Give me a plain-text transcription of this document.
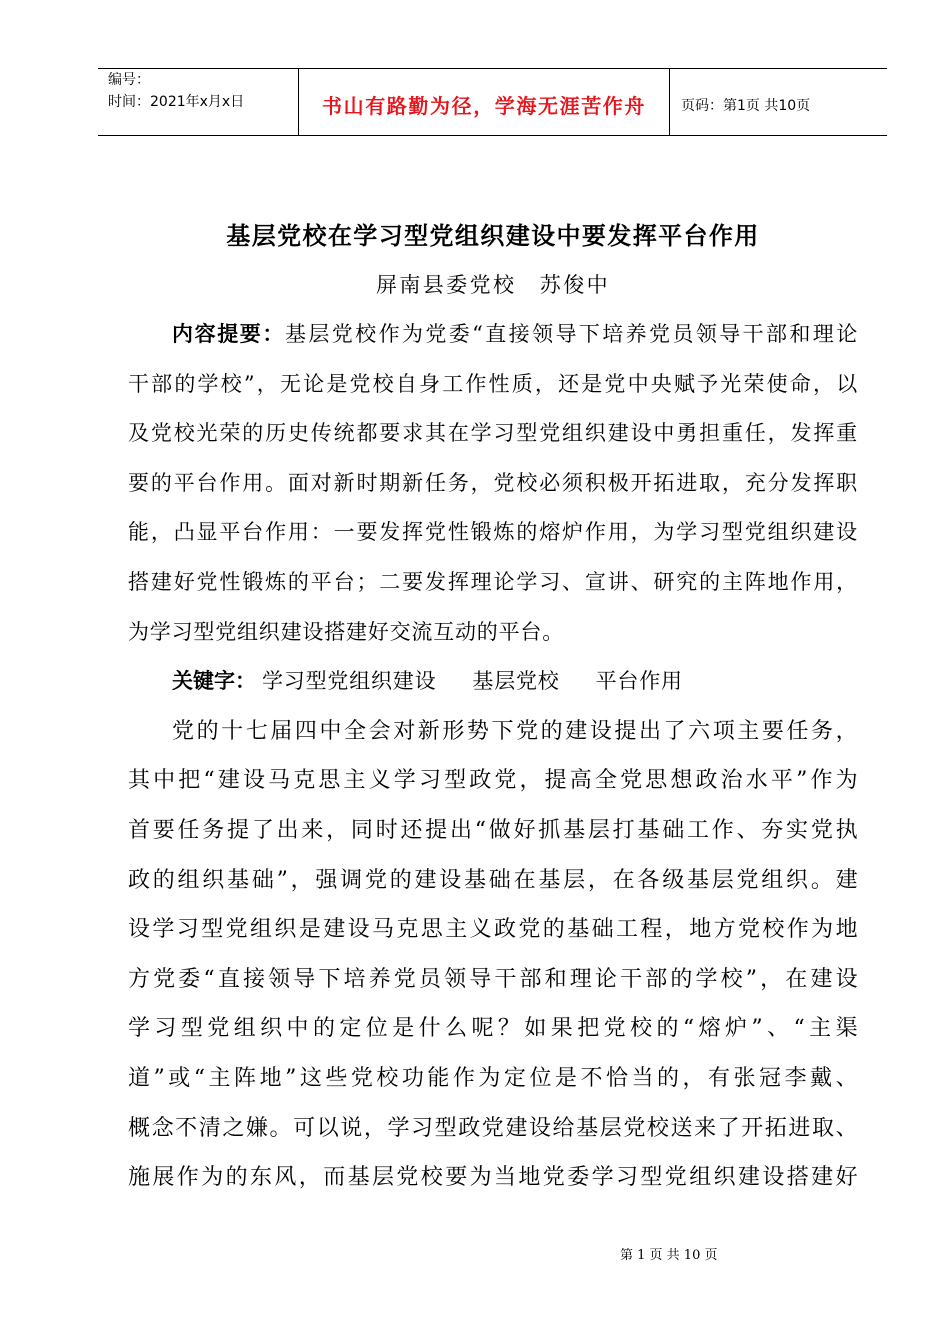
编号：
时间：2021年x月x日	书山有路勤为径，学海无涯苦作舟	页码：第1页 共10页
基层党校在学习型党组织建设中要发挥平台作用
屏南县委党校　苏俊中
内容提要：基层党校作为党委“直接领导下培养党员领导干部和理论
干部的学校”，无论是党校自身工作性质，还是党中央赋予光荣使命，以
及党校光荣的历史传统都要求其在学习型党组织建设中勇担重任，发挥重
要的平台作用。面对新时期新任务，党校必须积极开拓进取，充分发挥职
能，凸显平台作用：一要发挥党性锻炼的熔炉作用，为学习型党组织建设
搭建好党性锻炼的平台；二要发挥理论学习、宣讲、研究的主阵地作用，
为学习型党组织建设搭建好交流互动的平台。
关键字： 学习型党组织建设 基层党校 平台作用
党的十七届四中全会对新形势下党的建设提出了六项主要任务，
其中把“建设马克思主义学习型政党，提高全党思想政治水平”作为
首要任务提了出来，同时还提出“做好抓基层打基础工作、夯实党执
政的组织基础”，强调党的建设基础在基层，在各级基层党组织。建
设学习型党组织是建设马克思主义政党的基础工程，地方党校作为地
方党委“直接领导下培养党员领导干部和理论干部的学校”，在建设
学习型党组织中的定位是什么呢？如果把党校的“熔炉”、“主渠
道”或“主阵地”这些党校功能作为定位是不恰当的，有张冠李戴、
概念不清之嫌。可以说，学习型政党建设给基层党校送来了开拓进取、
施展作为的东风，而基层党校要为当地党委学习型党组织建设搭建好
第 1 页 共 10 页
